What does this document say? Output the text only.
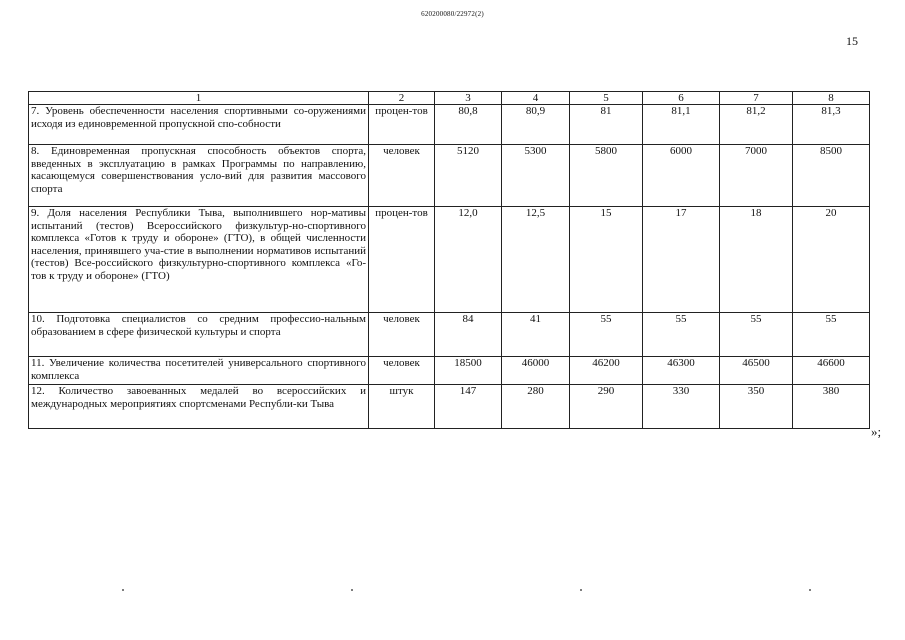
620200080/22972(2)
15
1	2	3	4	5	6	7	8
7. Уровень обеспеченности населения спортивными со-оружениями исходя из единовременной пропускной спо-собности	процен-тов	80,8	80,9	81	81,1	81,2	81,3
8. Единовременная пропускная способность объектов спорта, введенных в эксплуатацию в рамках Программы по направлению, касающемуся совершенствования усло-вий для развития массового спорта	человек	5120	5300	5800	6000	7000	8500
9. Доля населения Республики Тыва, выполнившего нор-мативы испытаний (тестов) Всероссийского физкультур-но-спортивного комплекса «Готов к труду и обороне» (ГТО), в общей численности населения, принявшего уча-стие в выполнении нормативов испытаний (тестов) Все-российского физкультурно-спортивного комплекса «Го-тов к труду и обороне» (ГТО)	процен-тов	12,0	12,5	15	17	18	20
10. Подготовка специалистов со средним профессио-нальным образованием в сфере физической культуры и спорта	человек	84	41	55	55	55	55
11. Увеличение количества посетителей универсального спортивного комплекса	человек	18500	46000	46200	46300	46500	46600
12. Количество завоеванных медалей во всероссийских и международных мероприятиях спортсменами Республи-ки Тыва	штук	147	280	290	330	350	380
»;
